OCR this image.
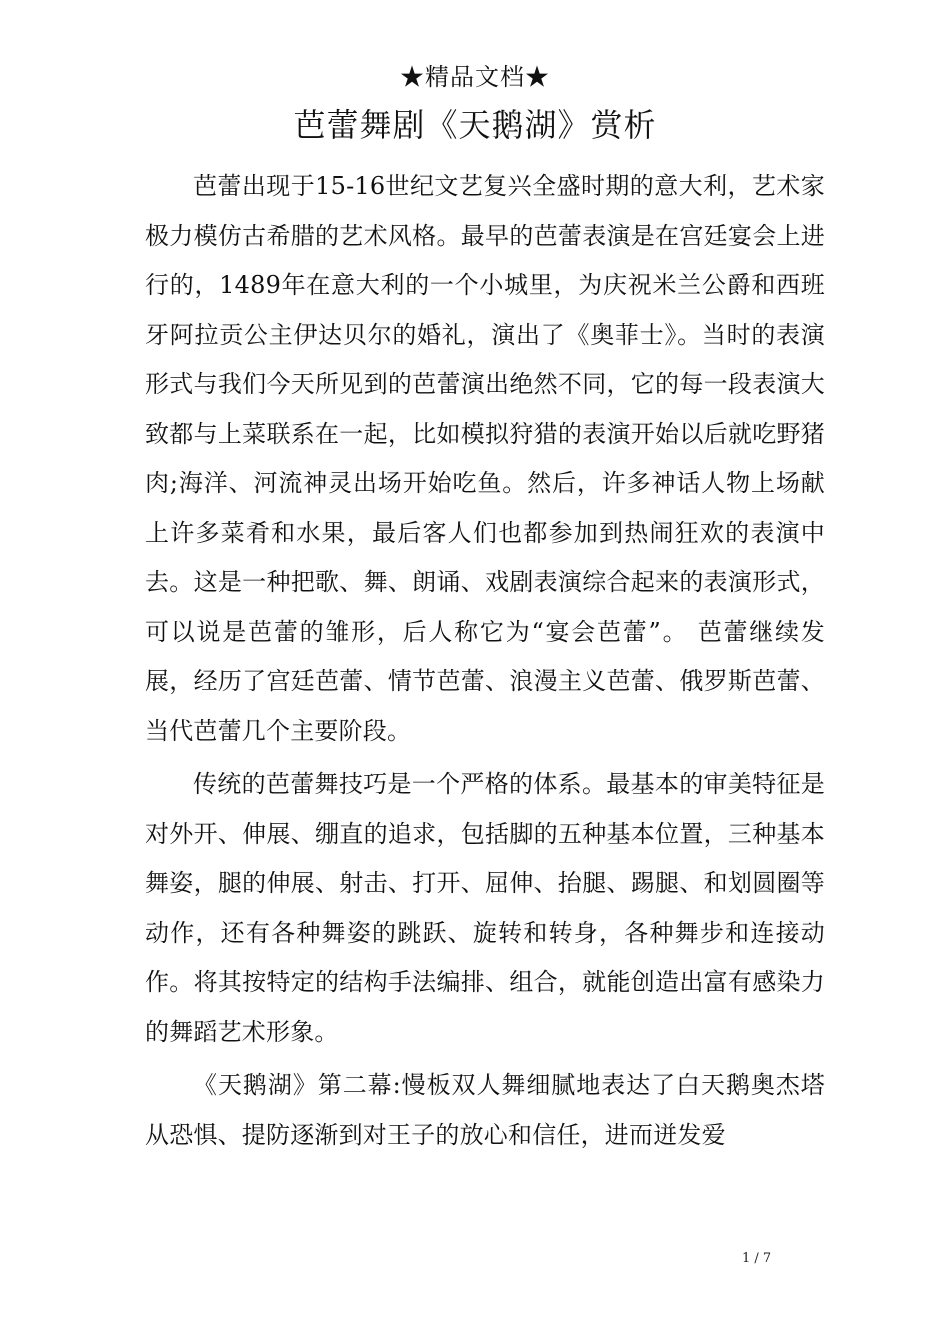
★精品文档★
芭蕾舞剧《天鹅湖》赏析

芭蕾出现于15-16世纪文艺复兴全盛时期的意大利，艺术家极力模仿古希腊的艺术风格。最早的芭蕾表演是在宫廷宴会上进行的，1489年在意大利的一个小城里，为庆祝米兰公爵和西班牙阿拉贡公主伊达贝尔的婚礼，演出了《奥菲士》。当时的表演形式与我们今天所见到的芭蕾演出绝然不同，它的每一段表演大致都与上菜联系在一起，比如模拟狩猎的表演开始以后就吃野猪肉;海洋、河流神灵出场开始吃鱼。然后，许多神话人物上场献上许多菜肴和水果，最后客人们也都参加到热闹狂欢的表演中去。这是一种把歌、舞、朗诵、戏剧表演综合起来的表演形式，可以说是芭蕾的雏形，后人称它为“宴会芭蕾”。 芭蕾继续发展，经历了宫廷芭蕾、情节芭蕾、浪漫主义芭蕾、俄罗斯芭蕾、当代芭蕾几个主要阶段。

传统的芭蕾舞技巧是一个严格的体系。最基本的审美特征是对外开、伸展、绷直的追求，包括脚的五种基本位置，三种基本舞姿，腿的伸展、射击、打开、屈伸、抬腿、踢腿、和划圆圈等动作，还有各种舞姿的跳跃、旋转和转身，各种舞步和连接动作。将其按特定的结构手法编排、组合，就能创造出富有感染力的舞蹈艺术形象。

《天鹅湖》第二幕:慢板双人舞细腻地表达了白天鹅奥杰塔从恐惧、提防逐渐到对王子的放心和信任，进而迸发爱

1 / 7
